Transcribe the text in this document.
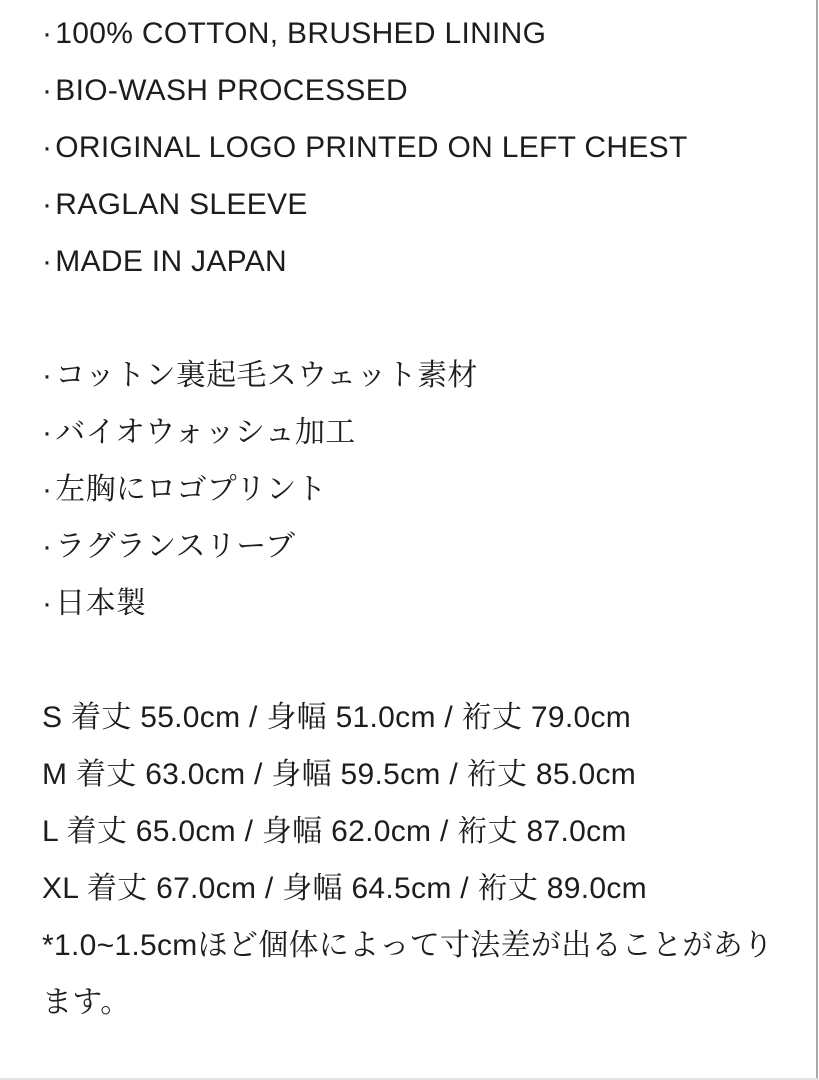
· 100% COTTON, BRUSHED LINING
· BIO-WASH PROCESSED
· ORIGINAL LOGO PRINTED ON LEFT CHEST
· RAGLAN SLEEVE
· MADE IN JAPAN
· コットン裏起毛スウェット素材
· バイオウォッシュ加工
· 左胸にロゴプリント
· ラグランスリーブ
· 日本製
S 着丈 55.0cm / 身幅 51.0cm / 裄丈 79.0cm
M 着丈 63.0cm / 身幅 59.5cm / 裄丈 85.0cm
L 着丈 65.0cm / 身幅 62.0cm / 裄丈 87.0cm
XL 着丈 67.0cm / 身幅 64.5cm / 裄丈 89.0cm

*1.0~1.5cmほど個体によって寸法差が出ることがあります。
